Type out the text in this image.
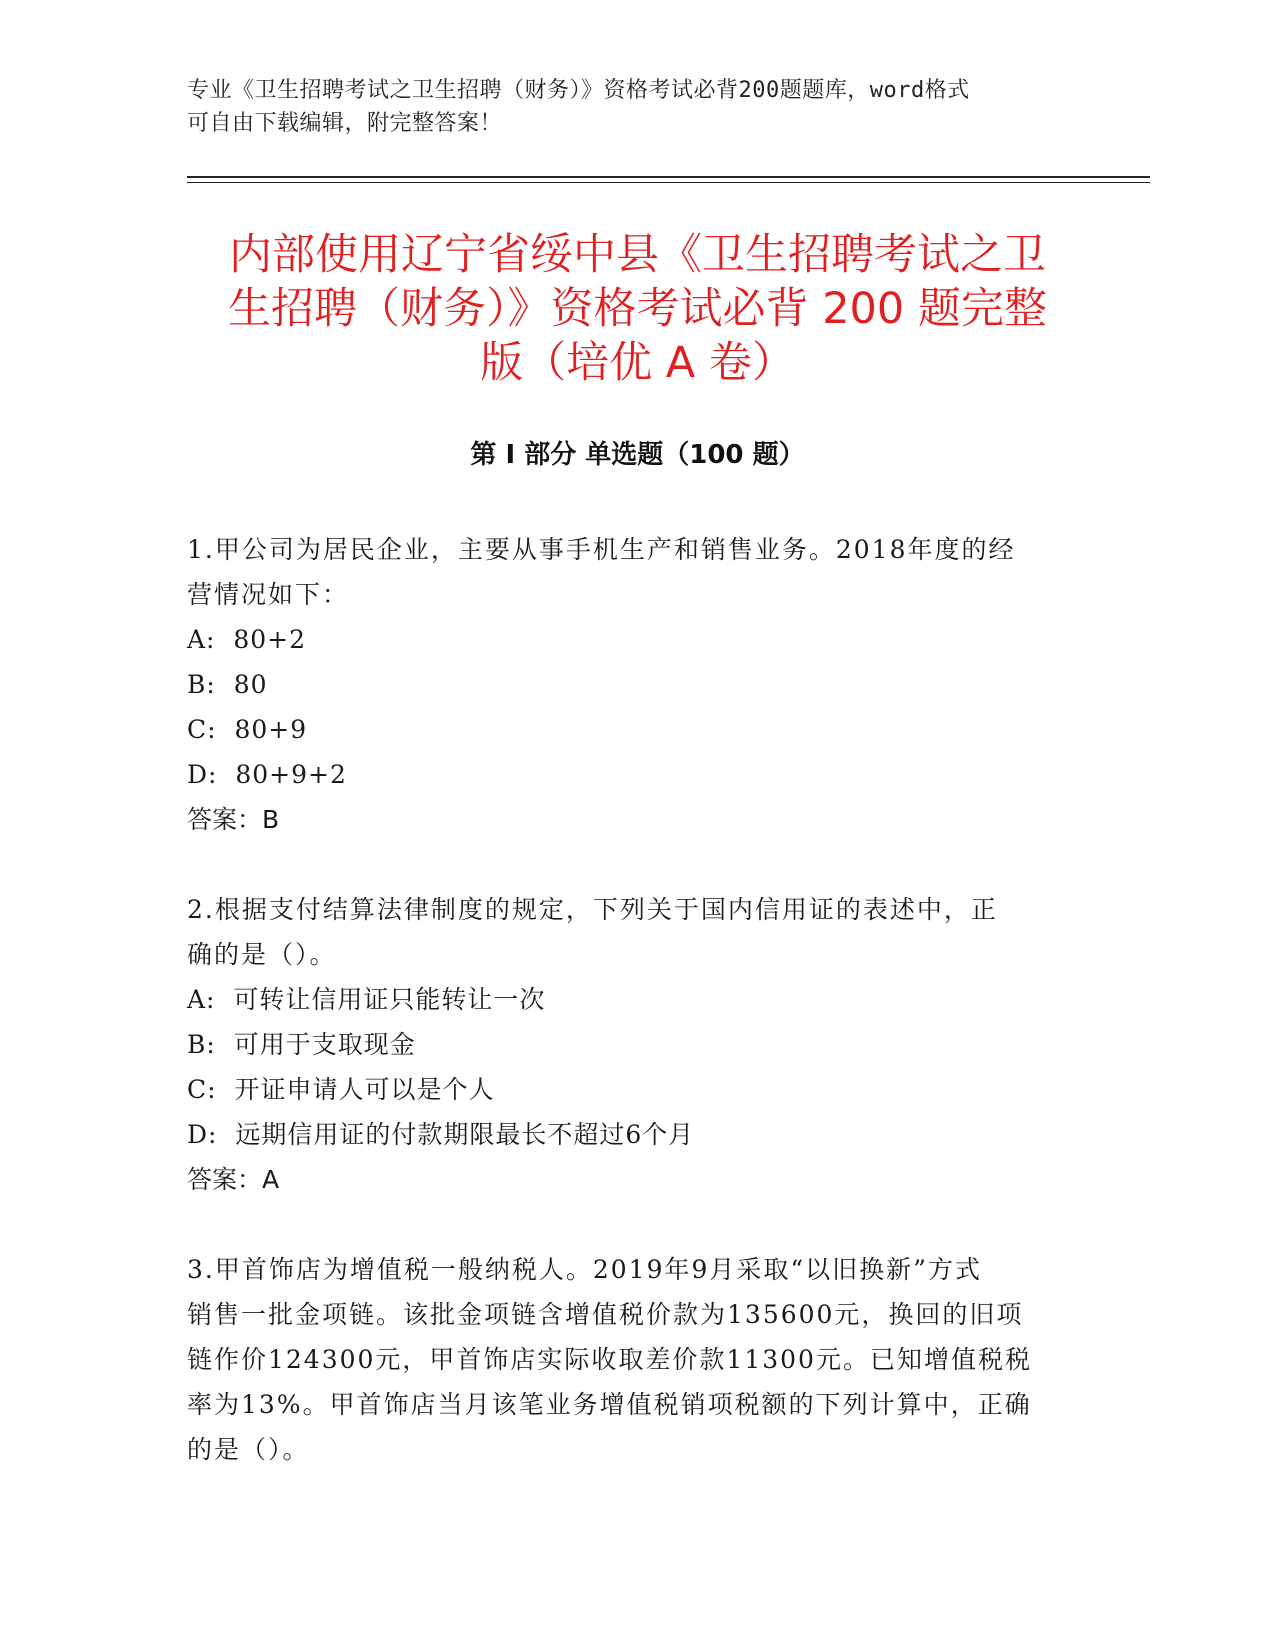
专业《卫生招聘考试之卫生招聘（财务）》资格考试必背200题题库，word格式
可自由下载编辑，附完整答案！
内部使用辽宁省绥中县《卫生招聘考试之卫
生招聘（财务）》资格考试必背 200 题完整
版（培优 A 卷）
第 I 部分 单选题（100 题）

1.甲公司为居民企业，主要从事手机生产和销售业务。2018年度的经

营情况如下：

A:  80+2

B:  80

C:  80+9

D:  80+9+2

答案：B

2.根据支付结算法律制度的规定，下列关于国内信用证的表述中，正

确的是（）。

A:  可转让信用证只能转让一次

B:  可用于支取现金

C:  开证申请人可以是个人

D:  远期信用证的付款期限最长不超过6个月

答案：A

3.甲首饰店为增值税一般纳税人。2019年9月采取“以旧换新”方式

销售一批金项链。该批金项链含增值税价款为135600元，换回的旧项

链作价124300元，甲首饰店实际收取差价款11300元。已知增值税税

率为13%。甲首饰店当月该笔业务增值税销项税额的下列计算中，正确

的是（）。
